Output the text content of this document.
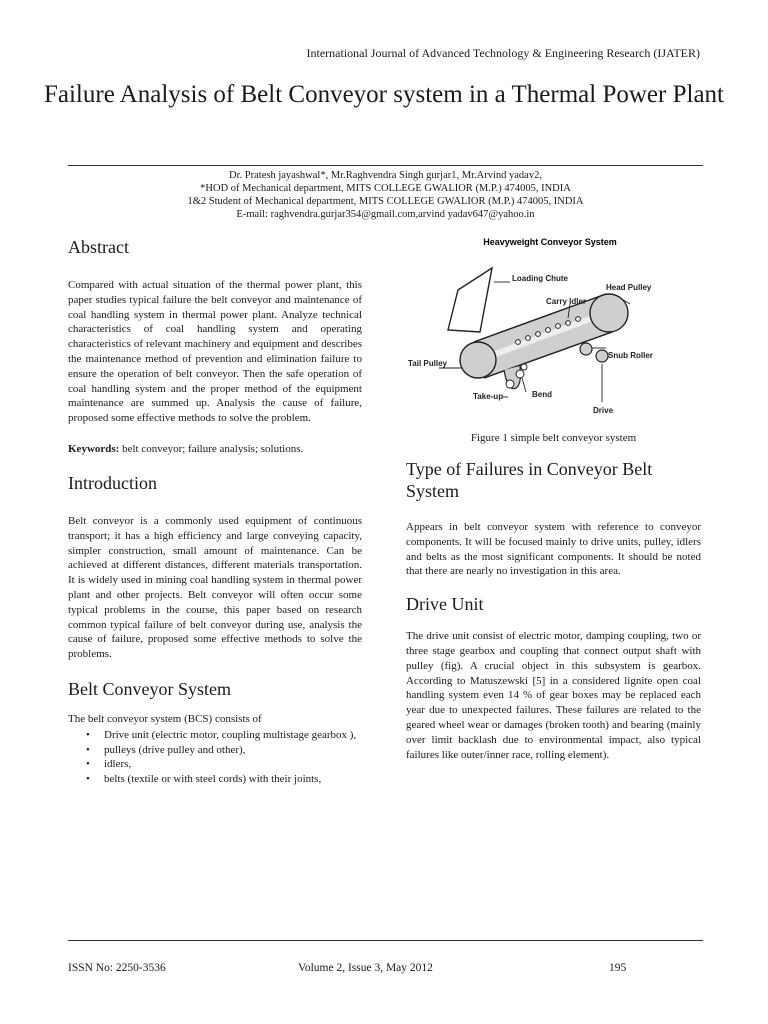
International Journal of Advanced Technology & Engineering Research (IJATER)
Failure Analysis of Belt Conveyor system in a Thermal Power Plant
Dr. Pratesh jayashwal*, Mr.Raghvendra Singh gurjar1, Mr.Arvind yadav2,
*HOD of Mechanical department, MITS COLLEGE GWALIOR (M.P.) 474005, INDIA
1&2 Student of Mechanical department, MITS COLLEGE GWALIOR (M.P.) 474005, INDIA
E-mail: raghvendra.gurjar354@gmail.com,arvind yadav647@yahoo.in
Abstract

Compared with actual situation of the thermal power plant, this paper studies typical failure the belt conveyor and maintenance of coal handling system in thermal power plant. Analyze technical characteristics of coal handling system and operating characteristics of relevant machinery and equipment and describes the maintenance method of prevention and elimination failure to ensure the operation of belt conveyor. Then the safe operation of coal handling system and the proper method of the equipment maintenance are summed up. Analysis the cause of failure, proposed some effective methods to solve the problem.

Keywords: belt conveyor; failure analysis; solutions.
Introduction

Belt conveyor is a commonly used equipment of continuous transport; it has a high efficiency and large conveying capacity, simpler construction, small amount of maintenance. Can be achieved at different distances, different materials transportation. It is widely used in mining coal handling system in thermal power plant and other projects. Belt conveyor will often occur some typical problems in the course, this paper based on research common typical failure of belt conveyor during use, analysis the cause of failure, proposed some effective methods to solve the problems.

Belt Conveyor System

The belt conveyor system (BCS) consists of

• Drive unit (electric motor, coupling multistage gearbox ),
• pulleys (drive pulley and other),
• idlers,
• belts (textile or with steel cords) with their joints,
Heavyweight Conveyor System
Loading Chute
Head Pulley
Carry Idler
Tail Pulley
Snub Roller
Take-up	Bend
Drive
Figure 1 simple belt conveyor system
Type of Failures in Conveyor Belt System

Appears in belt conveyor system with reference to conveyor components. It will be focused mainly to drive units, pulley, idlers and belts as the most significant components. It should be noted that there are nearly no investigation in this area.

Drive Unit

The drive unit consist of electric motor, damping coupling, two or three stage gearbox and coupling that connect output shaft with pulley (fig). A crucial object in this subsystem is gearbox. According to Matuszewski [5] in a considered lignite open coal handling system even 14 % of gear boxes may be replaced each year due to unexpected failures. These failures are related to the geared wheel wear or damages (broken tooth) and bearing (mainly over limit backlash due to environmental impact, also typical failures like outer/inner race, rolling element).

ISSN No: 2250-3536	Volume 2, Issue 3, May 2012	195
